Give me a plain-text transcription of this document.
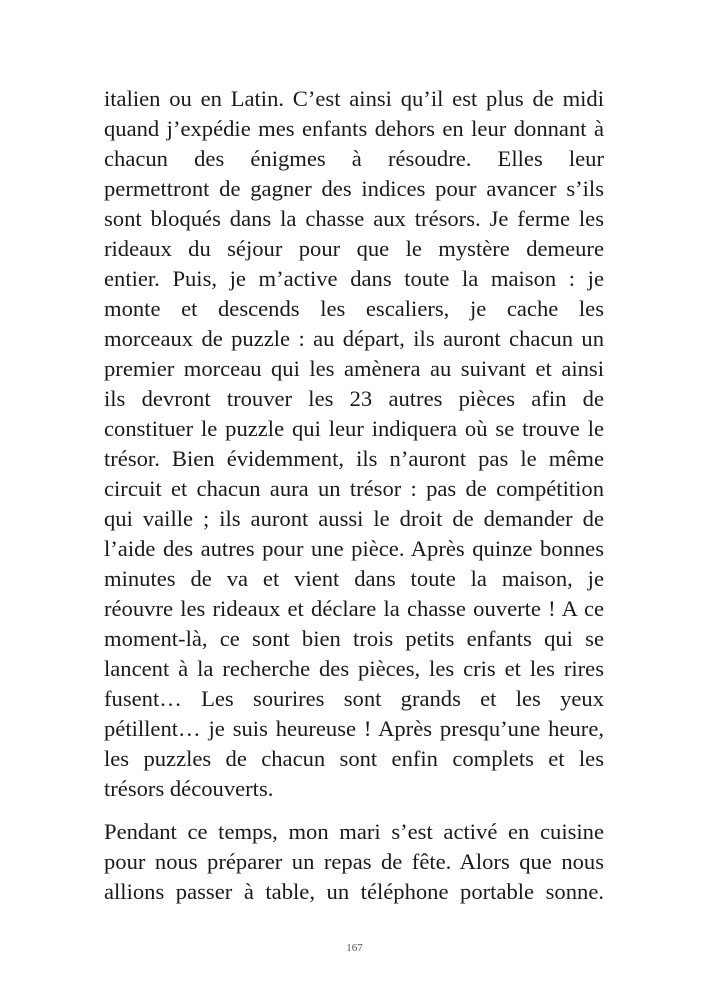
italien ou en Latin. C’est ainsi qu’il est plus de midi
quand j’expédie mes enfants dehors en leur donnant à
chacun des énigmes à résoudre. Elles leur
permettront de gagner des indices pour avancer s’ils
sont bloqués dans la chasse aux trésors. Je ferme les
rideaux du séjour pour que le mystère demeure
entier. Puis, je m’active dans toute la maison : je
monte et descends les escaliers, je cache les
morceaux de puzzle : au départ, ils auront chacun un
premier morceau qui les amènera au suivant et ainsi
ils devront trouver les 23 autres pièces afin de
constituer le puzzle qui leur indiquera où se trouve le
trésor. Bien évidemment, ils n’auront pas le même
circuit et chacun aura un trésor : pas de compétition
qui vaille ; ils auront aussi le droit de demander de
l’aide des autres pour une pièce. Après quinze bonnes
minutes de va et vient dans toute la maison, je
réouvre les rideaux et déclare la chasse ouverte ! A ce
moment-là, ce sont bien trois petits enfants qui se
lancent à la recherche des pièces, les cris et les rires
fusent… Les sourires sont grands et les yeux
pétillent… je suis heureuse ! Après presqu’une heure,
les puzzles de chacun sont enfin complets et les
trésors découverts.
Pendant ce temps, mon mari s’est activé en cuisine
pour nous préparer un repas de fête. Alors que nous
allions passer à table, un téléphone portable sonne.
167
